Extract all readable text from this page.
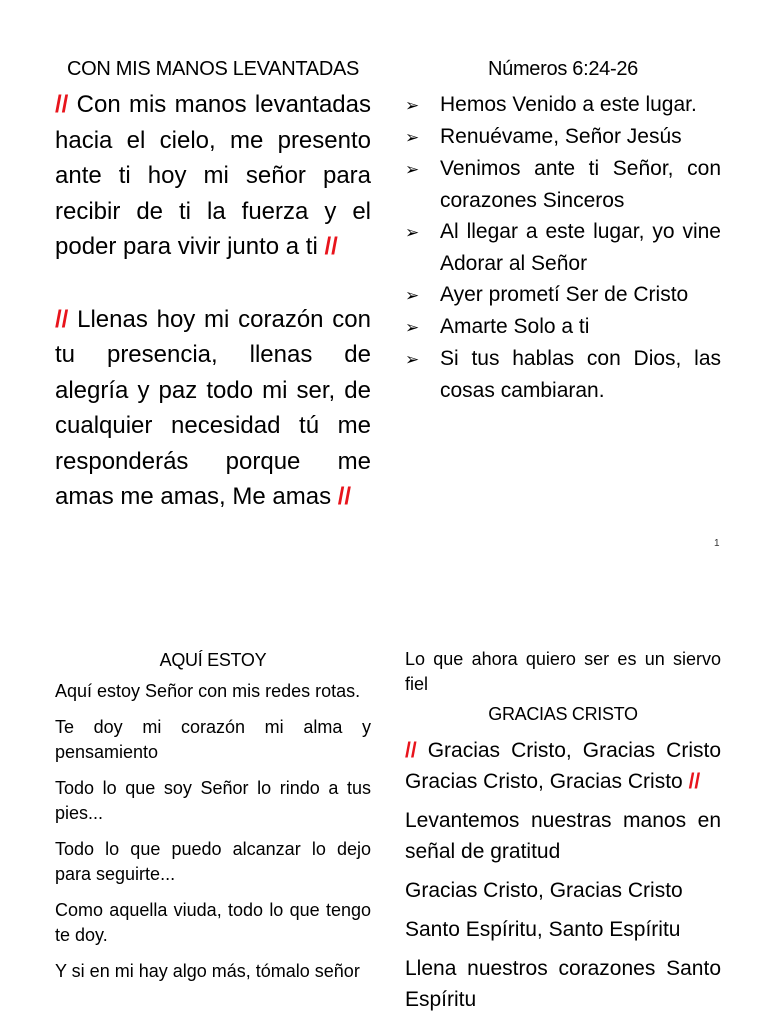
CON MIS MANOS LEVANTADAS

// Con mis manos levantadas hacia el cielo, me presento ante ti hoy mi señor para recibir de ti la fuerza y el poder para vivir junto a ti //

// Llenas hoy mi corazón con tu presencia, llenas de alegría y paz todo mi ser, de cualquier necesidad tú me responderás porque me amas me amas, Me amas //

Números 6:24-26
➢ Hemos Venido a este lugar.
➢ Renuévame, Señor Jesús
➢ Venimos ante ti Señor, con corazones Sinceros
➢ Al llegar a este lugar, yo vine Adorar al Señor
➢ Ayer prometí Ser de Cristo
➢ Amarte Solo a ti
➢ Si tus hablas con Dios, las cosas cambiaran.
1
AQUÍ ESTOY

Aquí estoy Señor con mis redes rotas.

Te doy mi corazón mi alma y pensamiento

Todo lo que soy Señor lo rindo a tus pies...

Todo lo que puedo alcanzar lo dejo para seguirte...

Como aquella viuda, todo lo que tengo te doy.

Y si en mi hay algo más, tómalo señor

Lo que ahora quiero ser es un siervo fiel

GRACIAS CRISTO

// Gracias Cristo, Gracias Cristo Gracias Cristo, Gracias Cristo //

Levantemos nuestras manos en señal de gratitud

Gracias Cristo, Gracias Cristo

Santo Espíritu, Santo Espíritu

Llena nuestros corazones Santo Espíritu
